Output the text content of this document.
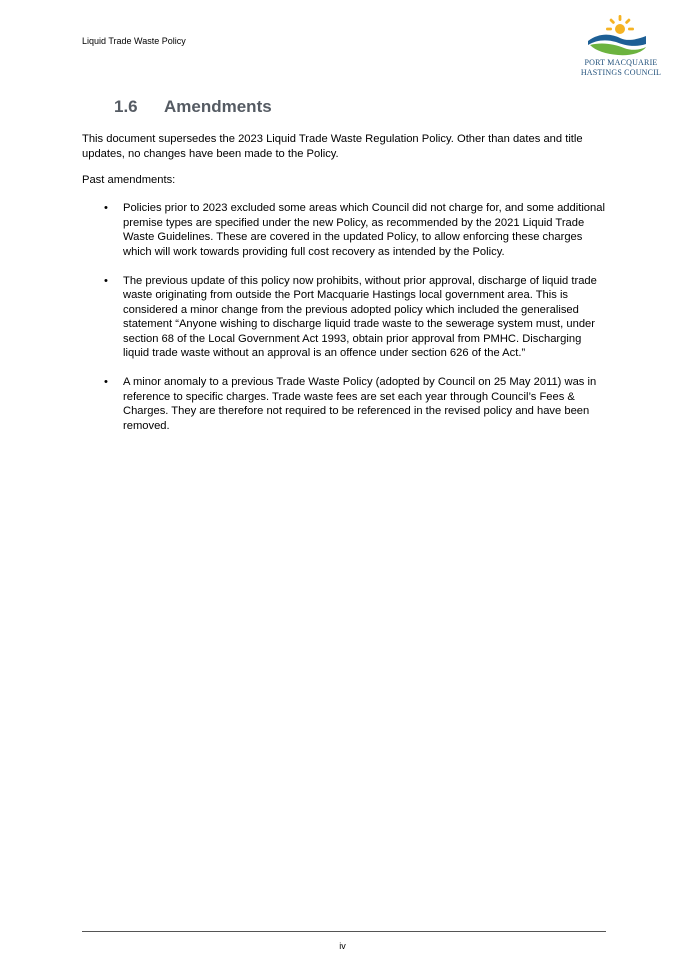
Liquid Trade Waste Policy
PORT MACQUARIE
HASTINGS COUNCIL
1.6 Amendments

This document supersedes the 2023 Liquid Trade Waste Regulation Policy. Other than dates and title updates, no changes have been made to the Policy.

Past amendments:
• Policies prior to 2023 excluded some areas which Council did not charge for, and some additional premise types are specified under the new Policy, as recommended by the 2021 Liquid Trade Waste Guidelines. These are covered in the updated Policy, to allow enforcing these charges which will work towards providing full cost recovery as intended by the Policy.
• The previous update of this policy now prohibits, without prior approval, discharge of liquid trade waste originating from outside the Port Macquarie Hastings local government area. This is considered a minor change from the previous adopted policy which included the generalised statement “Anyone wishing to discharge liquid trade waste to the sewerage system must, under section 68 of the Local Government Act 1993, obtain prior approval from PMHC. Discharging liquid trade waste without an approval is an offence under section 626 of the Act.”
• A minor anomaly to a previous Trade Waste Policy (adopted by Council on 25 May 2011) was in reference to specific charges. Trade waste fees are set each year through Council’s Fees & Charges. They are therefore not required to be referenced in the revised policy and have been removed.
iv
